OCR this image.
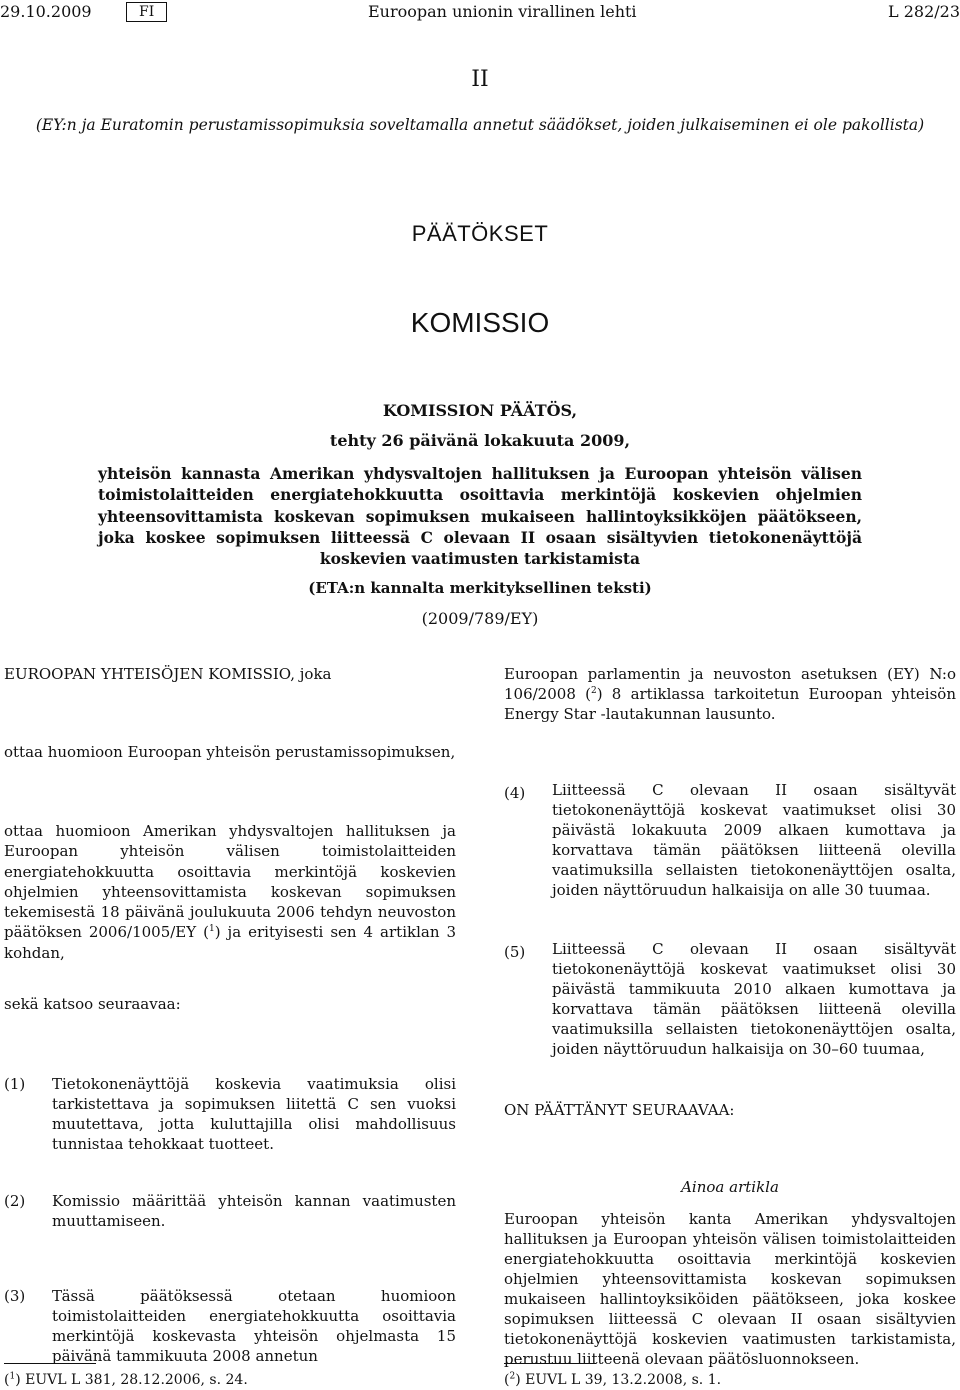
29.10.2009	FI	Euroopan unionin virallinen lehti	L 282/23
II
(EY:n ja Euratomin perustamissopimuksia soveltamalla annetut säädökset, joiden julkaiseminen ei ole pakollista)
PÄÄTÖKSET
KOMISSIO
KOMISSION PÄÄTÖS,
tehty 26 päivänä lokakuuta 2009,
yhteisön kannasta Amerikan yhdysvaltojen hallituksen ja Euroopan yhteisön välisen toimistolaitteiden energiatehokkuutta osoittavia merkintöjä koskevien ohjelmien yhteensovittamista koskevan sopimuksen mukaiseen hallintoyksikköjen päätökseen, joka koskee sopimuksen liitteessä C olevaan II osaan sisältyvien tietokonenäyttöjä koskevien vaatimusten tarkistamista
(ETA:n kannalta merkityksellinen teksti)
(2009/789/EY)
EUROOPAN YHTEISÖJEN KOMISSIO, joka
ottaa huomioon Euroopan yhteisön perustamissopimuksen,
ottaa huomioon Amerikan yhdysvaltojen hallituksen ja Euroopan yhteisön välisen toimistolaitteiden energiatehokkuutta osoittavia merkintöjä koskevien ohjelmien yhteensovittamista koskevan sopimuksen tekemisestä 18 päivänä joulukuuta 2006 tehdyn neuvoston päätöksen 2006/1005/EY ($^1$) ja erityisesti sen 4 artiklan 3 kohdan,
sekä katsoo seuraavaa:
(1)	Tietokonenäyttöjä koskevia vaatimuksia olisi tarkistettava ja sopimuksen liitettä C sen vuoksi muutettava, jotta kuluttajilla olisi mahdollisuus tunnistaa tehokkaat tuotteet.
(2)	Komissio määrittää yhteisön kannan vaatimusten muuttamiseen.
(3)	Tässä päätöksessä otetaan huomioon toimistolaitteiden energiatehokkuutta osoittavia merkintöjä koskevasta yhteisön ohjelmasta 15 päivänä tammikuuta 2008 annetun
($^1$) EUVL L 381, 28.12.2006, s. 24.
Euroopan parlamentin ja neuvoston asetuksen (EY) N:o 106/2008 ($^2$) 8 artiklassa tarkoitetun Euroopan yhteisön Energy Star -lautakunnan lausunto.
(4)	Liitteessä C olevaan II osaan sisältyvät tietokonenäyttöjä koskevat vaatimukset olisi 30 päivästä lokakuuta 2009 alkaen kumottava ja korvattava tämän päätöksen liitteenä olevilla vaatimuksilla sellaisten tietokonenäyttöjen osalta, joiden näyttöruudun halkaisija on alle 30 tuumaa.
(5)	Liitteessä C olevaan II osaan sisältyvät tietokonenäyttöjä koskevat vaatimukset olisi 30 päivästä tammikuuta 2010 alkaen kumottava ja korvattava tämän päätöksen liitteenä olevilla vaatimuksilla sellaisten tietokonenäyttöjen osalta, joiden näyttöruudun halkaisija on 30–60 tuumaa,
ON PÄÄTTÄNYT SEURAAVAA:
Ainoa artikla
Euroopan yhteisön kanta Amerikan yhdysvaltojen hallituksen ja Euroopan yhteisön välisen toimistolaitteiden energiatehokkuutta osoittavia merkintöjä koskevien ohjelmien yhteensovittamista koskevan sopimuksen mukaiseen hallintoyksiköiden päätökseen, joka koskee sopimuksen liitteessä C olevaan II osaan sisältyvien tietokonenäyttöjä koskevien vaatimusten tarkistamista, perustuu liitteenä olevaan päätösluonnokseen.
($^2$) EUVL L 39, 13.2.2008, s. 1.
